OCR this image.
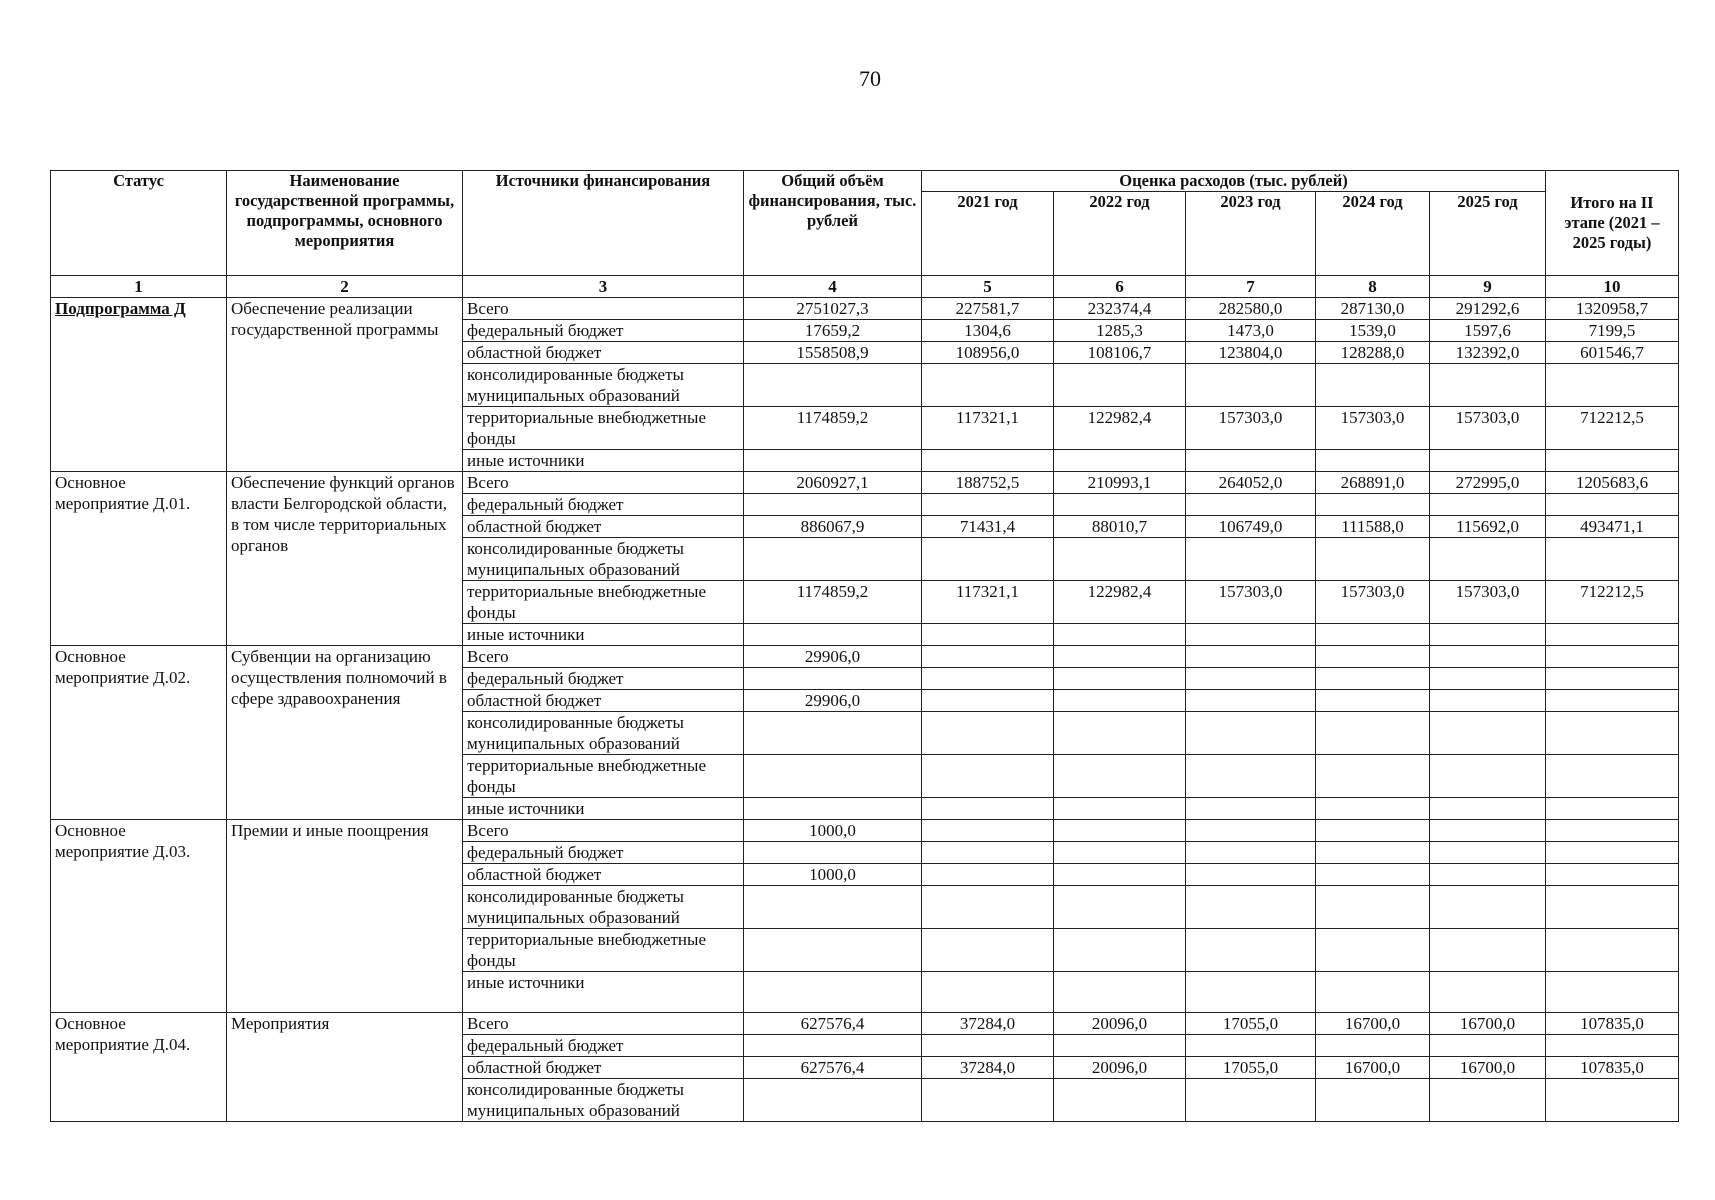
70
Статус	Наименование государственной программы, подпрограммы, основного мероприятия	Источники финансирования	Общий объём финансирования, тыс. рублей	Оценка расходов (тыс. рублей)					Итого на II этапе (2021 – 2025 годы)
				2021 год	2022 год	2023 год	2024 год	2025 год	
1	2	3	4	5	6	7	8	9	10
Подпрограмма Д	Обеспечение реализации государственной программы	Всего	2751027,3	227581,7	232374,4	282580,0	287130,0	291292,6	1320958,7
		федеральный бюджет	17659,2	1304,6	1285,3	1473,0	1539,0	1597,6	7199,5
		областной бюджет	1558508,9	108956,0	108106,7	123804,0	128288,0	132392,0	601546,7
		консолидированные бюджеты муниципальных образований							
		территориальные внебюджетные фонды	1174859,2	117321,1	122982,4	157303,0	157303,0	157303,0	712212,5
		иные источники							
Основное мероприятие Д.01.	Обеспечение функций органов власти Белгородской области, в том числе территориальных органов	Всего	2060927,1	188752,5	210993,1	264052,0	268891,0	272995,0	1205683,6
		федеральный бюджет							
		областной бюджет	886067,9	71431,4	88010,7	106749,0	111588,0	115692,0	493471,1
		консолидированные бюджеты муниципальных образований							
		территориальные внебюджетные фонды	1174859,2	117321,1	122982,4	157303,0	157303,0	157303,0	712212,5
		иные источники							
Основное мероприятие Д.02.	Субвенции на организацию осуществления полномочий в сфере здравоохранения	Всего	29906,0						
		федеральный бюджет							
		областной бюджет	29906,0						
		консолидированные бюджеты муниципальных образований							
		территориальные внебюджетные фонды							
		иные источники							
Основное мероприятие Д.03.	Премии и иные поощрения	Всего	1000,0						
		федеральный бюджет							
		областной бюджет	1000,0						
		консолидированные бюджеты муниципальных образований							
		территориальные внебюджетные фонды							
		иные источники							
Основное мероприятие Д.04.	Мероприятия	Всего	627576,4	37284,0	20096,0	17055,0	16700,0	16700,0	107835,0
		федеральный бюджет							
		областной бюджет	627576,4	37284,0	20096,0	17055,0	16700,0	16700,0	107835,0
		консолидированные бюджеты муниципальных образований							
